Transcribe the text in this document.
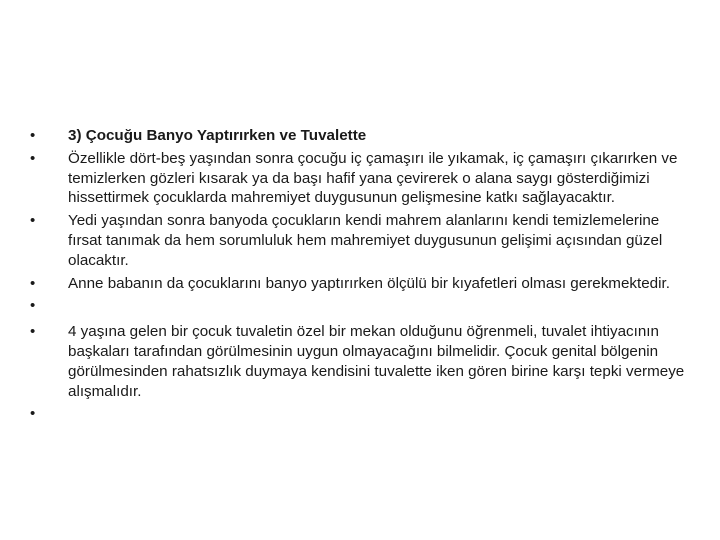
•	3) Çocuğu Banyo Yaptırırken ve Tuvalette
•	Özellikle dört-beş yaşından sonra çocuğu iç çamaşırı ile yıkamak, iç çamaşırı çıkarırken ve temizlerken gözleri kısarak ya da başı hafif yana çevirerek o alana saygı gösterdiğimizi hissettirmek çocuklarda mahremiyet duygusunun gelişmesine katkı sağlayacaktır.
•	Yedi yaşından sonra banyoda çocukların kendi mahrem alanlarını kendi temizlemelerine fırsat tanımak da hem sorumluluk hem mahremiyet duygusunun gelişimi açısından güzel olacaktır.
•	Anne babanın da çocuklarını banyo yaptırırken ölçülü bir kıyafetleri olması gerekmektedir.
•
•	4 yaşına gelen bir çocuk tuvaletin özel bir mekan olduğunu öğrenmeli, tuvalet ihtiyacının başkaları tarafından görülmesinin uygun olmayacağını bilmelidir. Çocuk genital bölgenin görülmesinden rahatsızlık duymaya kendisini tuvalette iken gören birine karşı tepki vermeye alışmalıdır.
•
